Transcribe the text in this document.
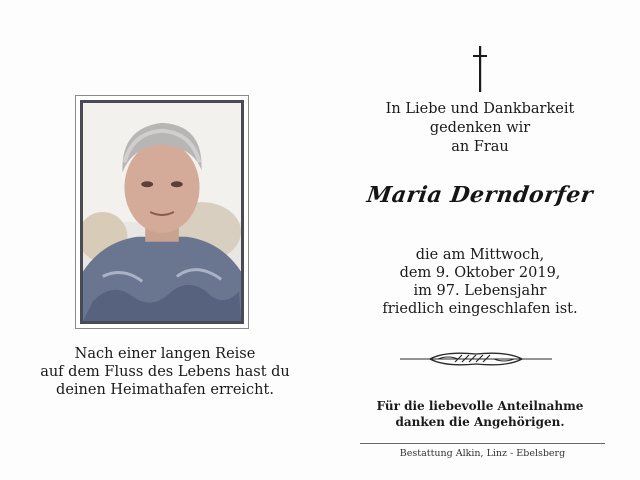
Nach einer langen Reise
auf dem Fluss des Lebens hast du
deinen Heimathafen erreicht.
In Liebe und Dankbarkeit
gedenken wir
an Frau
Maria Derndorfer
die am Mittwoch,
dem 9. Oktober 2019,
im 97. Lebensjahr
friedlich eingeschlafen ist.
Für die liebevolle Anteilnahme
danken die Angehörigen.
Bestattung Alkin, Linz - Ebelsberg
